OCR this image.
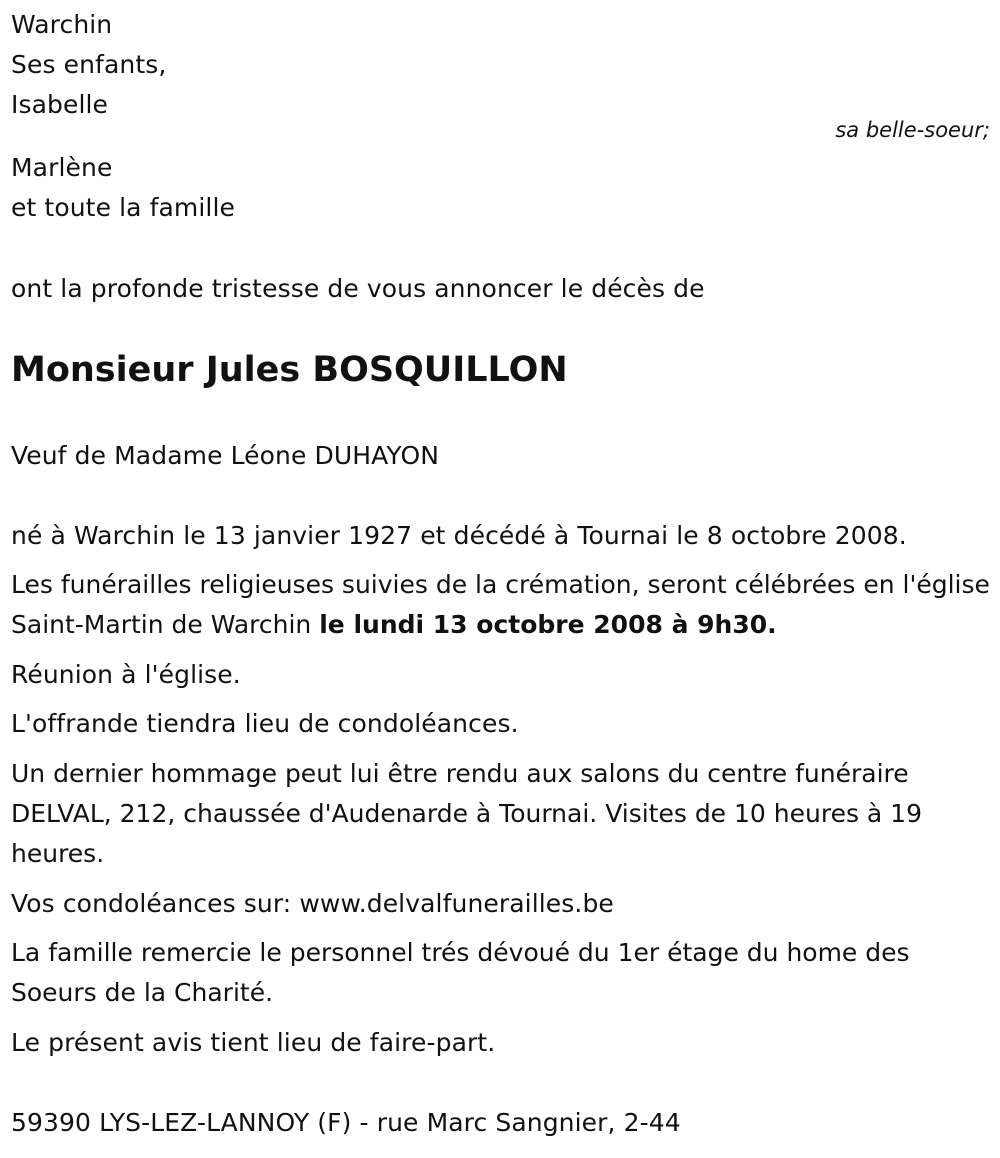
Warchin
Ses enfants,
Isabelle
sa belle-soeur;
Marlène
et toute la famille
ont la profonde tristesse de vous annoncer le décès de
Monsieur Jules BOSQUILLON
Veuf de Madame Léone DUHAYON
né à Warchin le 13 janvier 1927 et décédé à Tournai le 8 octobre 2008.
Les funérailles religieuses suivies de la crémation, seront célébrées en l'église Saint-Martin de Warchin le lundi 13 octobre 2008 à 9h30.
Réunion à l'église.
L'offrande tiendra lieu de condoléances.
Un dernier hommage peut lui être rendu aux salons du centre funéraire DELVAL, 212, chaussée d'Audenarde à Tournai. Visites de 10 heures à 19 heures.
Vos condoléances sur: www.delvalfunerailles.be
La famille remercie le personnel trés dévoué du 1er étage du home des Soeurs de la Charité.
Le présent avis tient lieu de faire-part.
59390 LYS-LEZ-LANNOY (F) - rue Marc Sangnier, 2-44
